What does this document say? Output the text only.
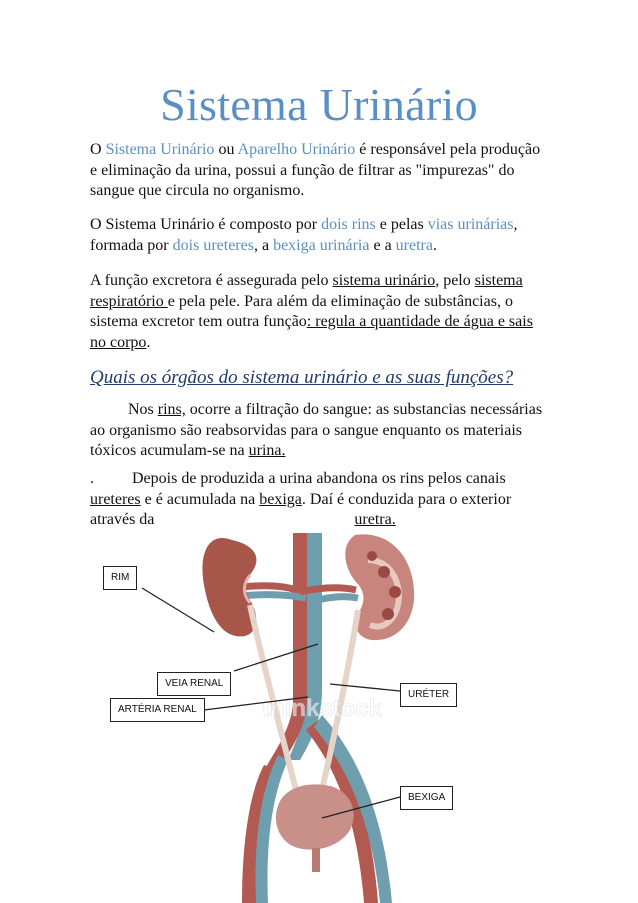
Sistema Urinário

O Sistema Urinário ou Aparelho Urinário é responsável pela produção e eliminação da urina, possui a função de filtrar as "impurezas" do sangue que circula no organismo.

O Sistema Urinário é composto por dois rins e pelas vias urinárias, formada por dois ureteres, a bexiga urinária e a uretra.

A função excretora é assegurada pelo sistema urinário, pelo sistema respiratório e pela pele. Para além da eliminação de substâncias, o sistema excretor tem outra função: regula a quantidade de água e sais no corpo.

Quais os órgãos do sistema urinário e as suas funções?

Nos rins, ocorre a filtração do sangue: as substancias necessárias ao organismo são reabsorvidas para o sangue enquanto os materiais tóxicos acumulam-se na urina.

. Depois de produzida a urina abandona os rins pelos canais ureteres e é acumulada na bexiga. Daí é conduzida para o exterior através da	uretra.

thinkstock
RIM
VEIA RENAL
ARTÉRIA RENAL
URÉTER
BEXIGA
